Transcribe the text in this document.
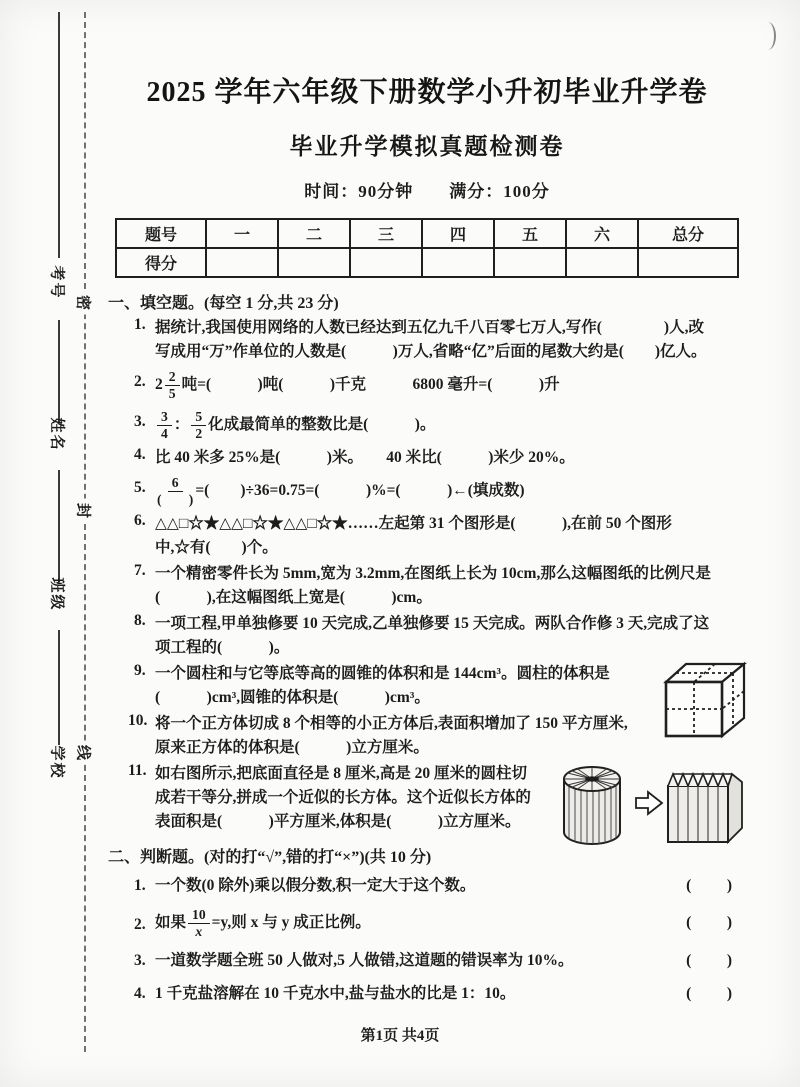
密
封
线
考号
姓名
班级
学校
2025 学年六年级下册数学小升初毕业升学卷
毕业升学模拟真题检测卷
时间：90分钟　　满分：100分
题号	一	二	三	四	五	六	总分
得分							
一、填空题。(每空 1 分,共 23 分)
1. 据统计,我国使用网络的人数已经达到五亿九千八百零七万人,写作(　　　　)人,改
写成用“万”作单位的人数是(　　　)万人,省略“亿”后面的尾数大约是(　　)亿人。
2. $2 \frac{2}{5}$ 吨=(　　　)吨(　　　)千克　　　6800 毫升=(　　　)升
3. $\frac{3}{4}$ ： $\frac{5}{2}$ 化成最简单的整数比是(　　　)。
4. 比 40 米多 25%是(　　　)米。　　40 米比(　　　)米少 20%。
5. $\frac{6}{( )}$ =(　　)÷36=0.75=(　　　)%=(　　　)←(填成数)
6. △△□☆★△△□☆★△△□☆★……左起第 31 个图形是(　　　),在前 50 个图形
中,☆有(　　)个。
7. 一个精密零件长为 5mm,宽为 3.2mm,在图纸上长为 10cm,那么这幅图纸的比例尺是
(　　　),在这幅图纸上宽是(　　　)cm。
8. 一项工程,甲单独修要 10 天完成,乙单独修要 15 天完成。两队合作修 3 天,完成了这
项工程的(　　　)。
9. 一个圆柱和与它等底等高的圆锥的体积和是 144cm³。圆柱的体积是
(　　　)cm³,圆锥的体积是(　　　)cm³。
10. 将一个正方体切成 8 个相等的小正方体后,表面积增加了 150 平方厘米,
原来正方体的体积是(　　　)立方厘米。
11. 如右图所示,把底面直径是 8 厘米,高是 20 厘米的圆柱切
成若干等分,拼成一个近似的长方体。这个近似长方体的
表面积是(　　　)平方厘米,体积是(　　　)立方厘米。
二、判断题。(对的打“√”,错的打“×”)(共 10 分)
1. 一个数(0 除外)乘以假分数,积一定大于这个数。	(　)
2. 如果 $\frac{10}{x} =y$,则 x 与 y 成正比例。	(　)
3. 一道数学题全班 50 人做对,5 人做错,这道题的错误率为 10%。	(　)
4. 1 千克盐溶解在 10 千克水中,盐与盐水的比是 1：10。	(　)
第1页 共4页
